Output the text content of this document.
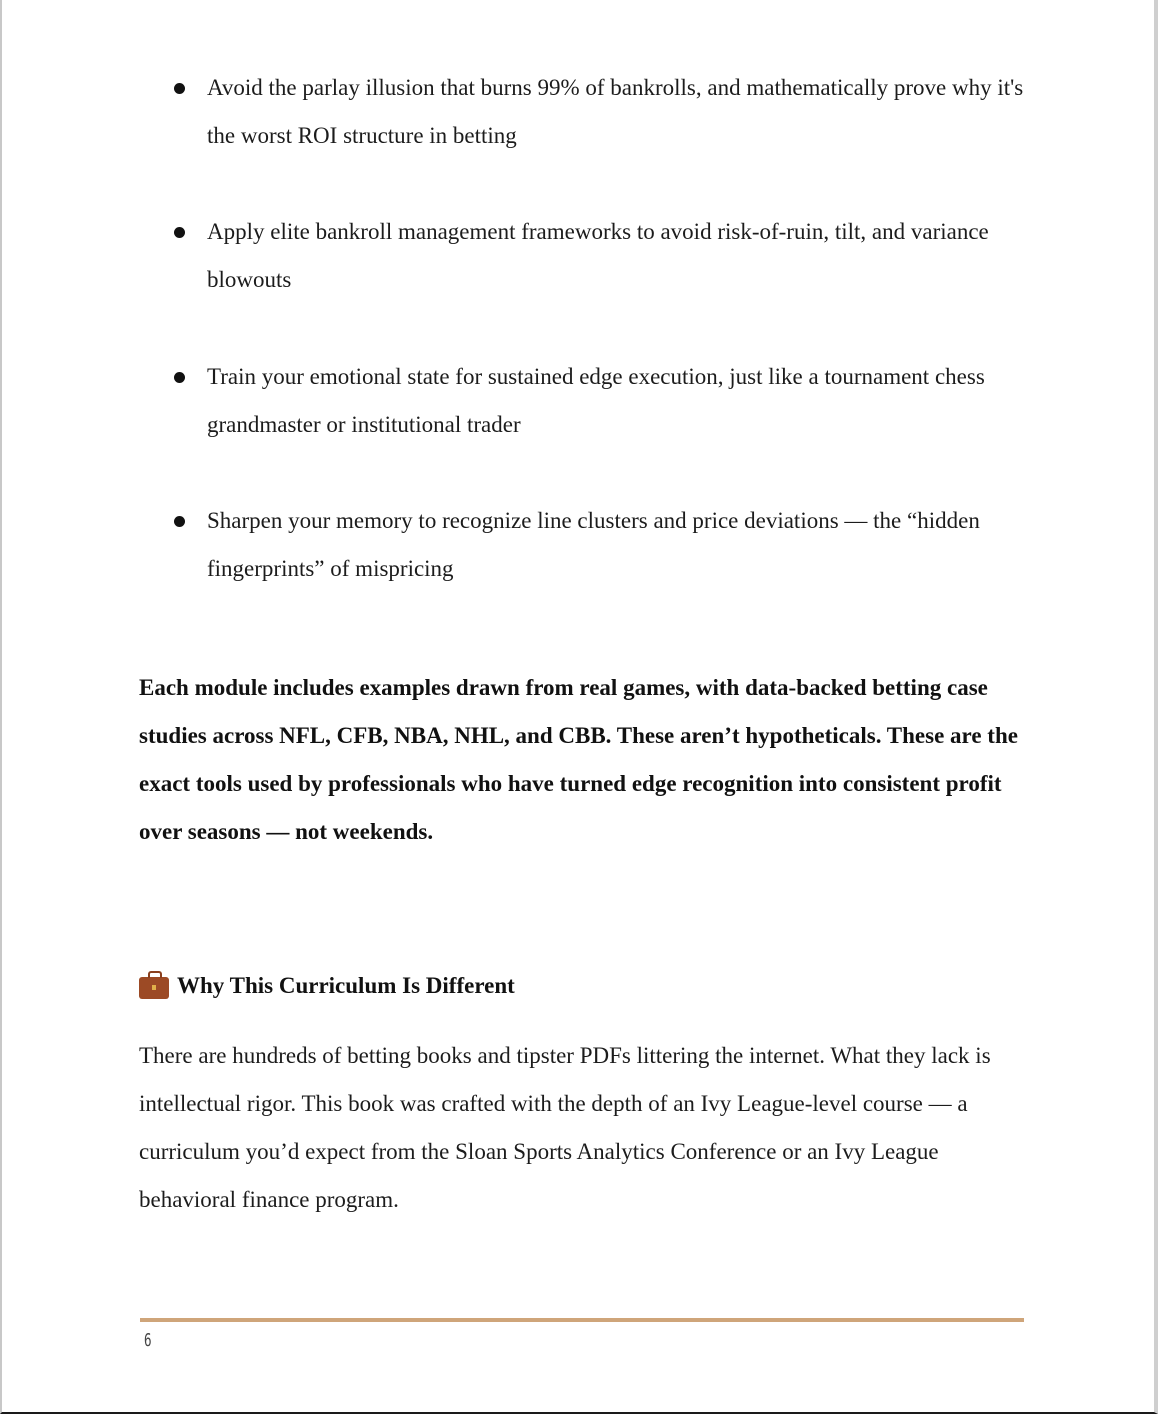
Avoid the parlay illusion that burns 99% of bankrolls, and mathematically prove why it's the worst ROI structure in betting
Apply elite bankroll management frameworks to avoid risk-of-ruin, tilt, and variance blowouts
Train your emotional state for sustained edge execution, just like a tournament chess grandmaster or institutional trader
Sharpen your memory to recognize line clusters and price deviations — the “hidden fingerprints” of mispricing

Each module includes examples drawn from real games, with data-backed betting case studies across NFL, CFB, NBA, NHL, and CBB. These aren’t hypotheticals. These are the exact tools used by professionals who have turned edge recognition into consistent profit over seasons — not weekends.

Why This Curriculum Is Different

There are hundreds of betting books and tipster PDFs littering the internet. What they lack is intellectual rigor. This book was crafted with the depth of an Ivy League-level course — a curriculum you’d expect from the Sloan Sports Analytics Conference or an Ivy League behavioral finance program.

6
